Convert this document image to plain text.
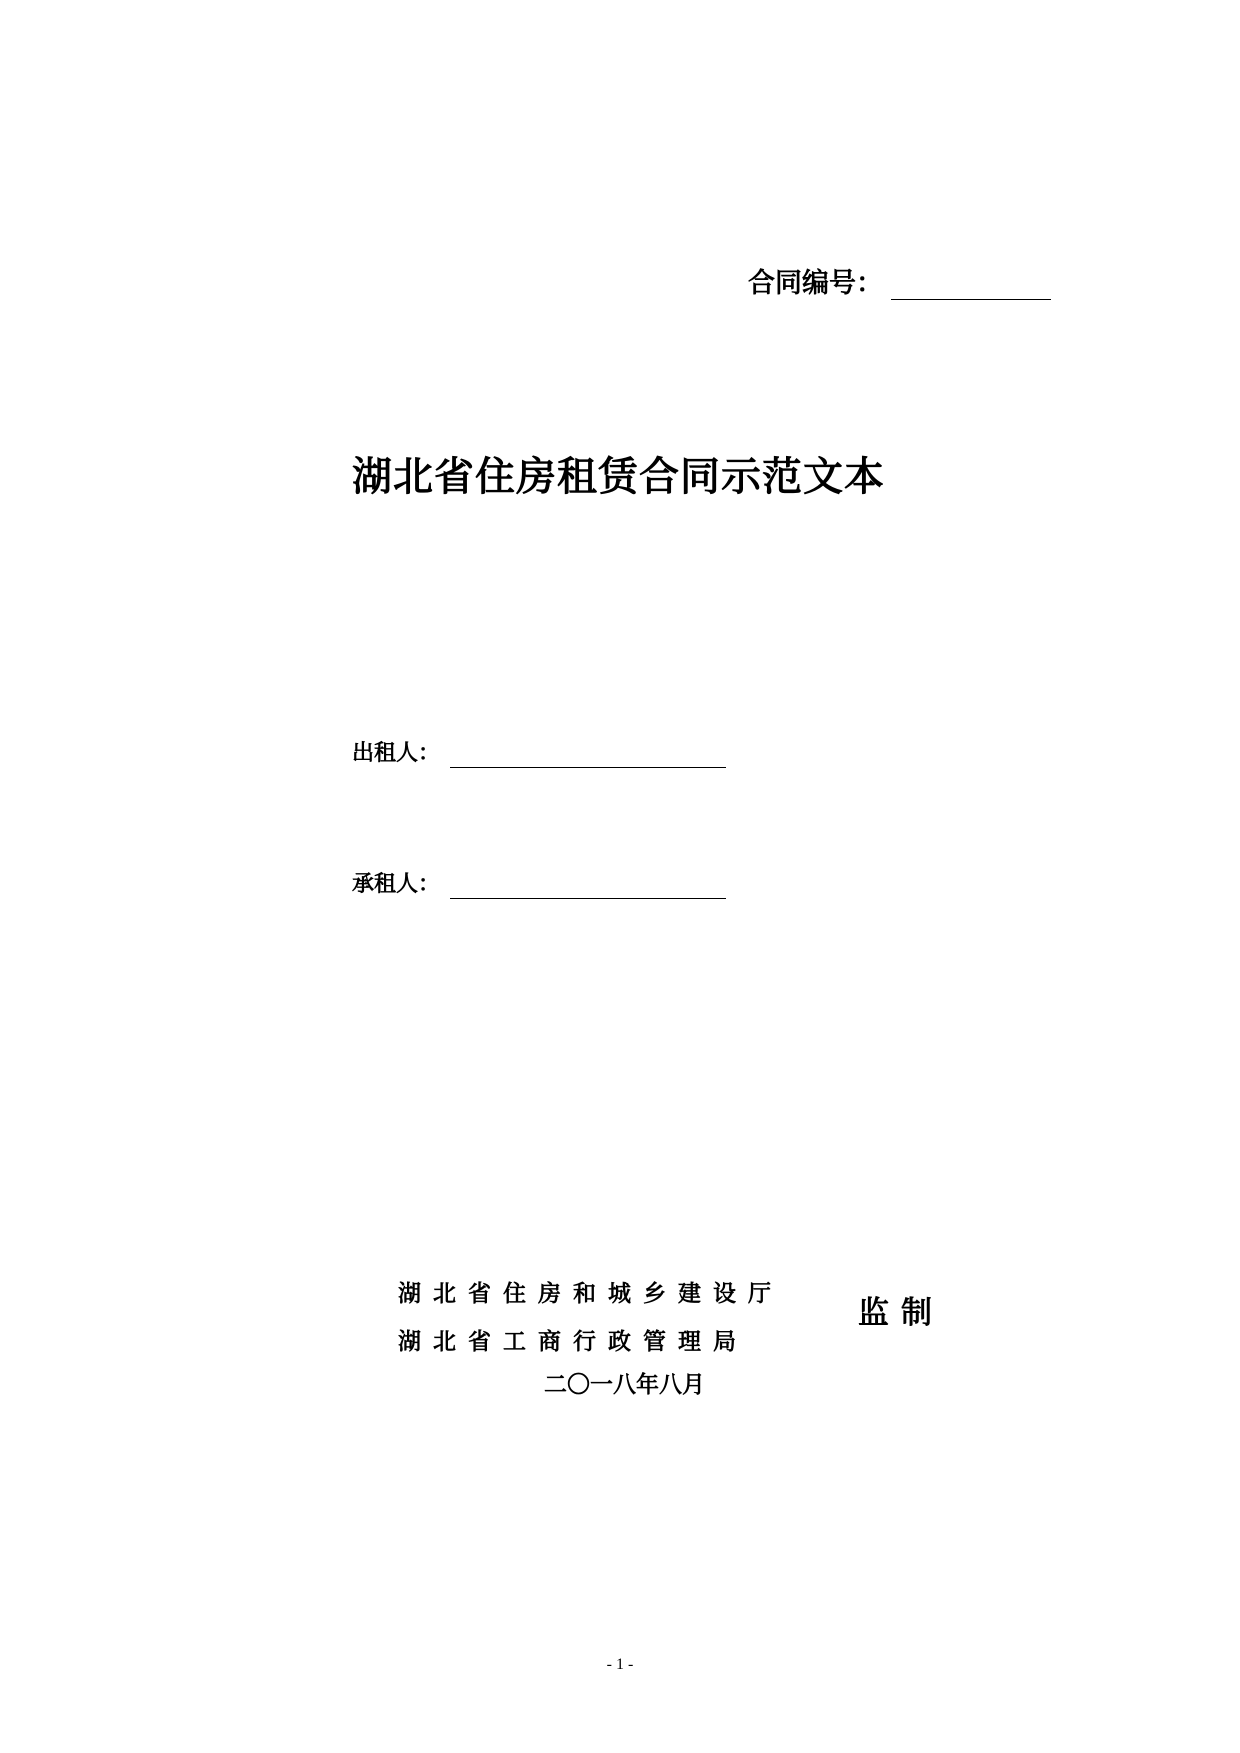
合同编号：
湖北省住房租赁合同示范文本
出租人：
承租人：
湖北省住房和城乡建设厅
湖北省工商行政管理局
监制
二〇一八年八月
- 1 -
